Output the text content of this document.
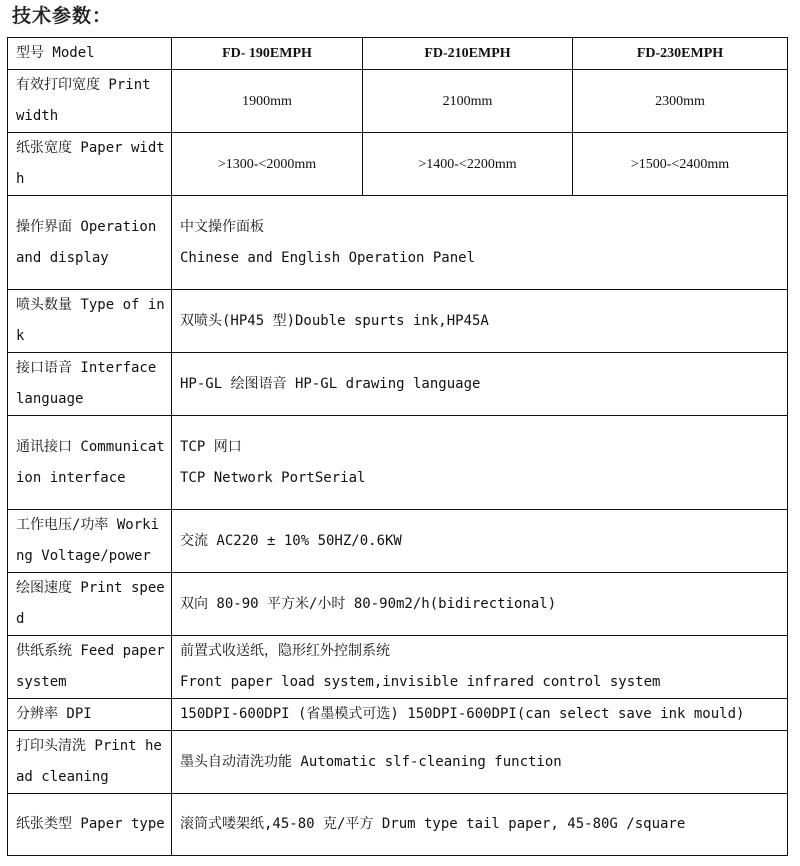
技术参数：
型号 Model	FD- 190EMPH	FD-210EMPH	FD-230EMPH
有效打印宽度 Print width	1900mm	2100mm	2300mm
纸张宽度 Paper width	>1300-<2000mm	>1400-<2200mm	>1500-<2400mm
操作界面 Operation and display	中文操作面板
Chinese and English Operation Panel		

喷头数量 Type of ink	双喷头(HP45 型)Double spurts ink,HP45A		

接口语音 Interface language	HP-GL 绘图语音 HP-GL drawing language		

通讯接口 Communication interface	TCP 网口
TCP Network PortSerial		

工作电压/功率 Working Voltage/power	交流 AC220 ± 10% 50HZ/0.6KW		

绘图速度 Print speed	双向 80-90 平方米/小时 80-90m2/h(bidirectional)		

供纸系统 Feed paper system	前置式收送纸，隐形红外控制系统
Front paper load system,invisible infrared control system		

分辨率 DPI	150DPI-600DPI (省墨模式可选) 150DPI-600DPI(can select save ink mould)		

打印头清洗 Print head cleaning	墨头自动清洗功能 Automatic slf-cleaning function		

纸张类型 Paper type	滚筒式喽架纸,45-80 克/平方 Drum type tail paper, 45-80G /square		
